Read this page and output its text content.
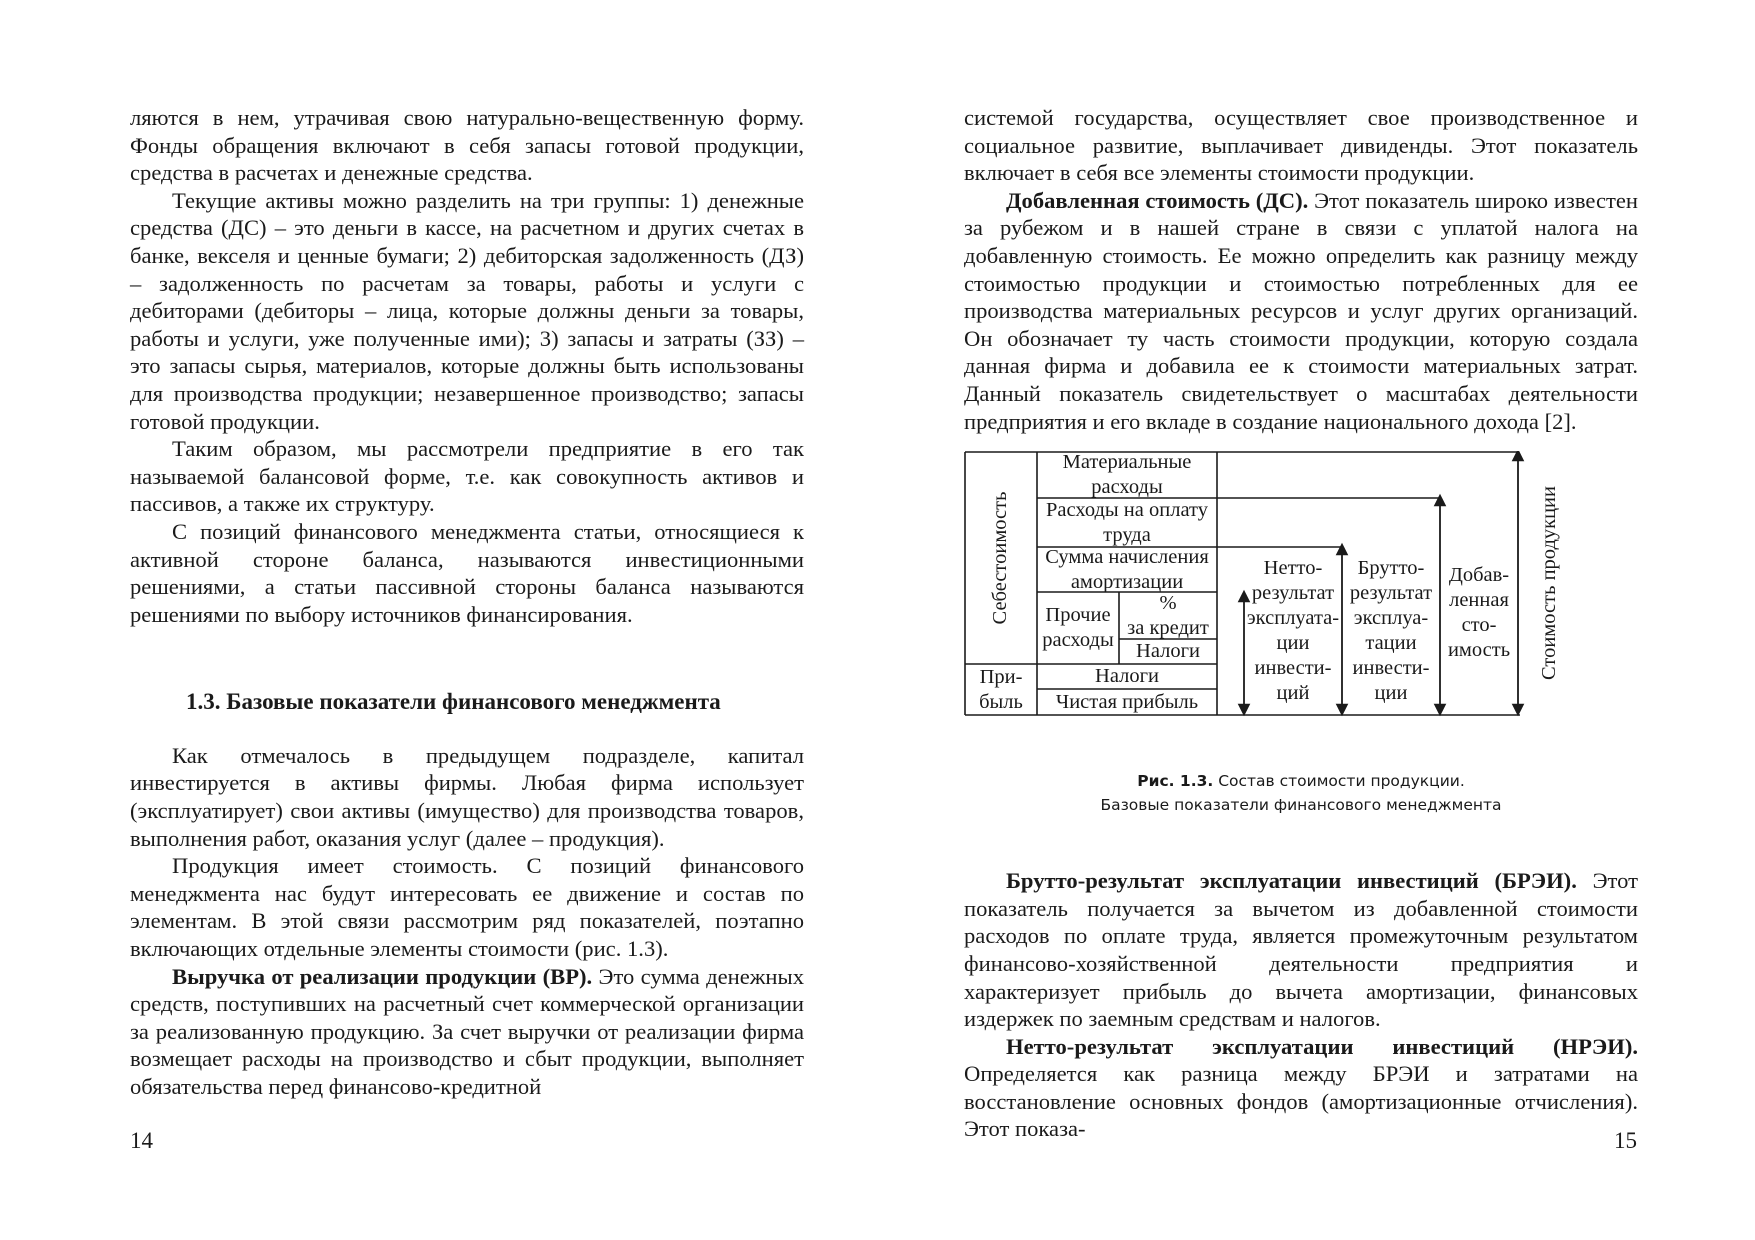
ляются в нем, утрачивая свою натурально-вещественную форму. Фонды обращения включают в себя запасы готовой продукции, средства в расчетах и денежные средства.

Текущие активы можно разделить на три группы: 1) денежные средства (ДС) – это деньги в кассе, на расчетном и других счетах в банке, векселя и ценные бумаги; 2) дебиторская задолженность (ДЗ) – задолженность по расчетам за товары, работы и услуги с дебиторами (дебиторы – лица, которые должны деньги за товары, работы и услуги, уже полученные ими); 3) запасы и затраты (ЗЗ) – это запасы сырья, материалов, которые должны быть использованы для производства продукции; незавершенное производство; запасы готовой продукции.

Таким образом, мы рассмотрели предприятие в его так называемой балансовой форме, т.е. как совокупность активов и пассивов, а также их структуру.

С позиций финансового менеджмента статьи, относящиеся к активной стороне баланса, называются инвестиционными решениями, а статьи пассивной стороны баланса называются решениями по выбору источников финансирования.

1.3. Базовые показатели финансового менеджмента

Как отмечалось в предыдущем подразделе, капитал инвестируется в активы фирмы. Любая фирма использует (эксплуатирует) свои активы (имущество) для производства товаров, выполнения работ, оказания услуг (далее – продукция).

Продукция имеет стоимость. С позиций финансового менеджмента нас будут интересовать ее движение и состав по элементам. В этой связи рассмотрим ряд показателей, поэтапно включающих отдельные элементы стоимости (рис. 1.3).

Выручка от реализации продукции (ВР). Это сумма денежных средств, поступивших на расчетный счет коммерческой организации за реализованную продукцию. За счет выручки от реализации фирма возмещает расходы на производство и сбыт продукции, выполняет обязательства перед финансово-кредитной

14

системой государства, осуществляет свое производственное и социальное развитие, выплачивает дивиденды. Этот показатель включает в себя все элементы стоимости продукции.

Добавленная стоимость (ДС). Этот показатель широко известен за рубежом и в нашей стране в связи с уплатой налога на добавленную стоимость. Ее можно определить как разницу между стоимостью продукции и стоимостью потребленных для ее производства материальных ресурсов и услуг других организаций. Он обозначает ту часть стоимости продукции, которую создала данная фирма и добавила ее к стоимости материальных затрат. Данный показатель свидетельствует о масштабах деятельности предприятия и его вкладе в создание национального дохода [2].

Себестоимость	Стоимость продукции
При-
быль
Материальные
расходы
Расходы на оплату
труда
Сумма начисления
амортизации
Прочие
расходы
%
за кредит
Налоги
Налоги
Чистая прибыль
Нетто-
результат
эксплуата-
ции
инвести-
ций
Брутто-
результат
эксплуа-
тации
инвести-
ции
Добав-
ленная
сто-
имость
Рис. 1.3. Состав стоимости продукции.
Базовые показатели финансового менеджмента

Брутто-результат эксплуатации инвестиций (БРЭИ). Этот показатель получается за вычетом из добавленной стоимости расходов по оплате труда, является промежуточным результатом финансово-хозяйственной деятельности предприятия и характеризует прибыль до вычета амортизации, финансовых издержек по заемным средствам и налогов.

Нетто-результат эксплуатации инвестиций (НРЭИ). Определяется как разница между БРЭИ и затратами на восстановление основных фондов (амортизационные отчисления). Этот показа-	15
